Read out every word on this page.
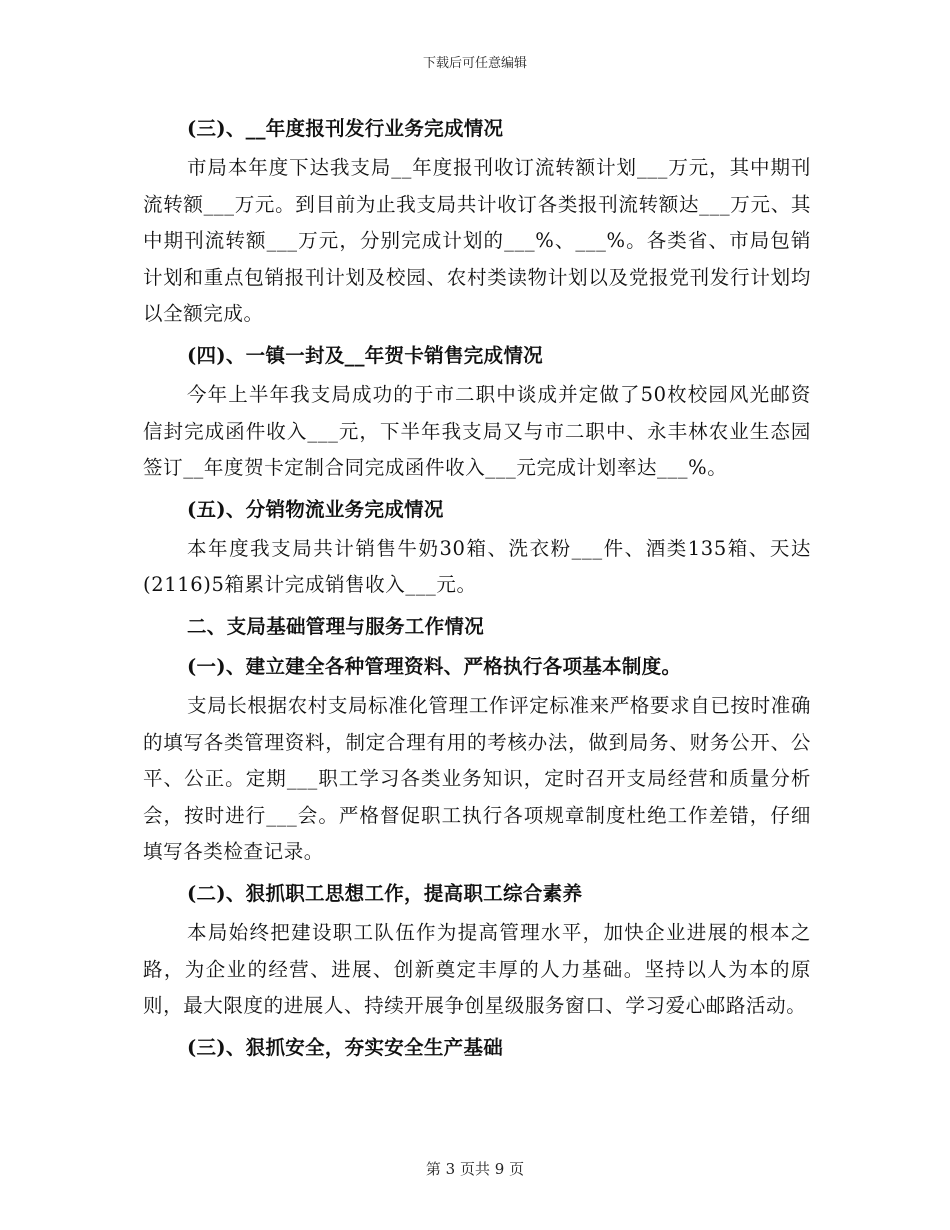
下载后可任意编辑
(三)、__年度报刊发行业务完成情况
市局本年度下达我支局__年度报刊收订流转额计划___万元，其中期刊流转额___万元。到目前为止我支局共计收订各类报刊流转额达___万元、其中期刊流转额___万元，分别完成计划的___%、___%。各类省、市局包销计划和重点包销报刊计划及校园、农村类读物计划以及党报党刊发行计划均以全额完成。
(四)、一镇一封及__年贺卡销售完成情况
今年上半年我支局成功的于市二职中谈成并定做了50枚校园风光邮资信封完成函件收入___元，下半年我支局又与市二职中、永丰林农业生态园签订__年度贺卡定制合同完成函件收入___元完成计划率达___%。
(五)、分销物流业务完成情况
本年度我支局共计销售牛奶30箱、洗衣粉___件、酒类135箱、天达(2116)5箱累计完成销售收入___元。
二、支局基础管理与服务工作情况
(一)、建立建全各种管理资料、严格执行各项基本制度。
支局长根据农村支局标准化管理工作评定标准来严格要求自已按时准确的填写各类管理资料，制定合理有用的考核办法，做到局务、财务公开、公平、公正。定期___职工学习各类业务知识，定时召开支局经营和质量分析会，按时进行___会。严格督促职工执行各项规章制度杜绝工作差错，仔细填写各类检查记录。
(二)、狠抓职工思想工作，提高职工综合素养
本局始终把建设职工队伍作为提高管理水平，加快企业进展的根本之路，为企业的经营、进展、创新奠定丰厚的人力基础。坚持以人为本的原则，最大限度的进展人、持续开展争创星级服务窗口、学习爱心邮路活动。
(三)、狠抓安全，夯实安全生产基础
第 3 页共 9 页
